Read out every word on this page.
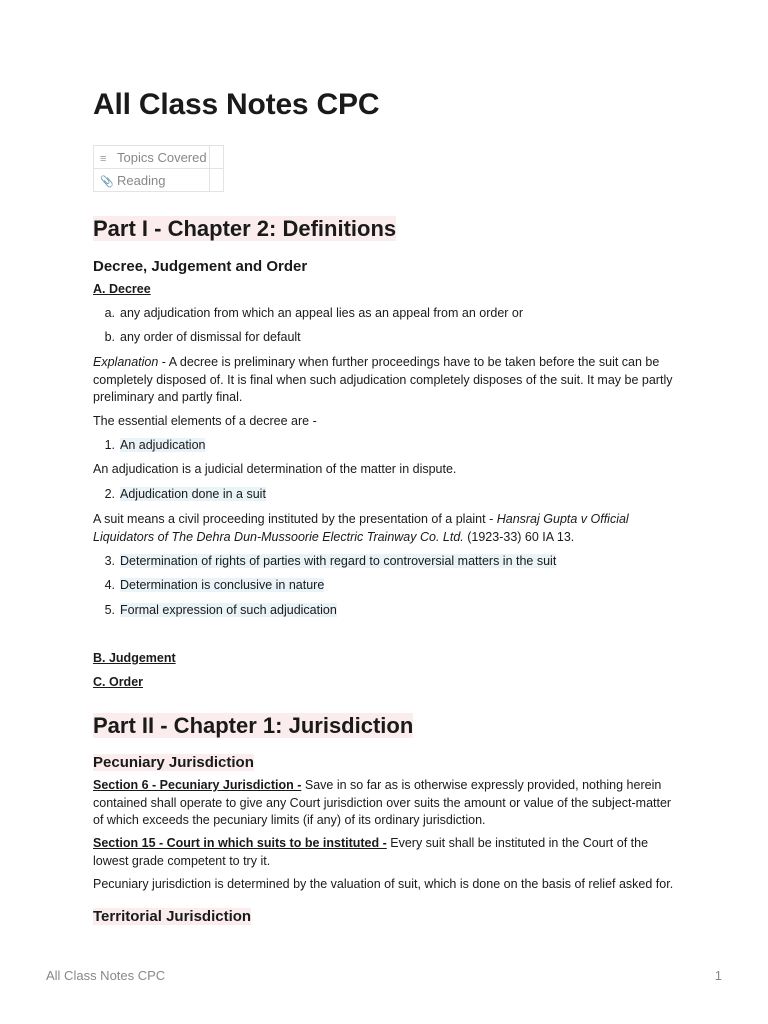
All Class Notes CPC
≡ Topics Covered	
📎 Reading	
Part I - Chapter 2: Definitions
Decree, Judgement and Order
A. Decree
a. any adjudication from which an appeal lies as an appeal from an order or
b. any order of dismissal for default
Explanation - A decree is preliminary when further proceedings have to be taken before the suit can be completely disposed of. It is final when such adjudication completely disposes of the suit. It may be partly preliminary and partly final.
The essential elements of a decree are -
1. An adjudication
An adjudication is a judicial determination of the matter in dispute.
2. Adjudication done in a suit
A suit means a civil proceeding instituted by the presentation of a plaint - Hansraj Gupta v Official Liquidators of The Dehra Dun-Mussoorie Electric Trainway Co. Ltd. (1923-33) 60 IA 13.
3. Determination of rights of parties with regard to controversial matters in the suit
4. Determination is conclusive in nature
5. Formal expression of such adjudication
B. Judgement
C. Order
Part II - Chapter 1: Jurisdiction
Pecuniary Jurisdiction
Section 6 - Pecuniary Jurisdiction - Save in so far as is otherwise expressly provided, nothing herein contained shall operate to give any Court jurisdiction over suits the amount or value of the subject-matter of which exceeds the pecuniary limits (if any) of its ordinary jurisdiction.
Section 15 - Court in which suits to be instituted - Every suit shall be instituted in the Court of the lowest grade competent to try it.
Pecuniary jurisdiction is determined by the valuation of suit, which is done on the basis of relief asked for.
Territorial Jurisdiction
All Class Notes CPC	1
